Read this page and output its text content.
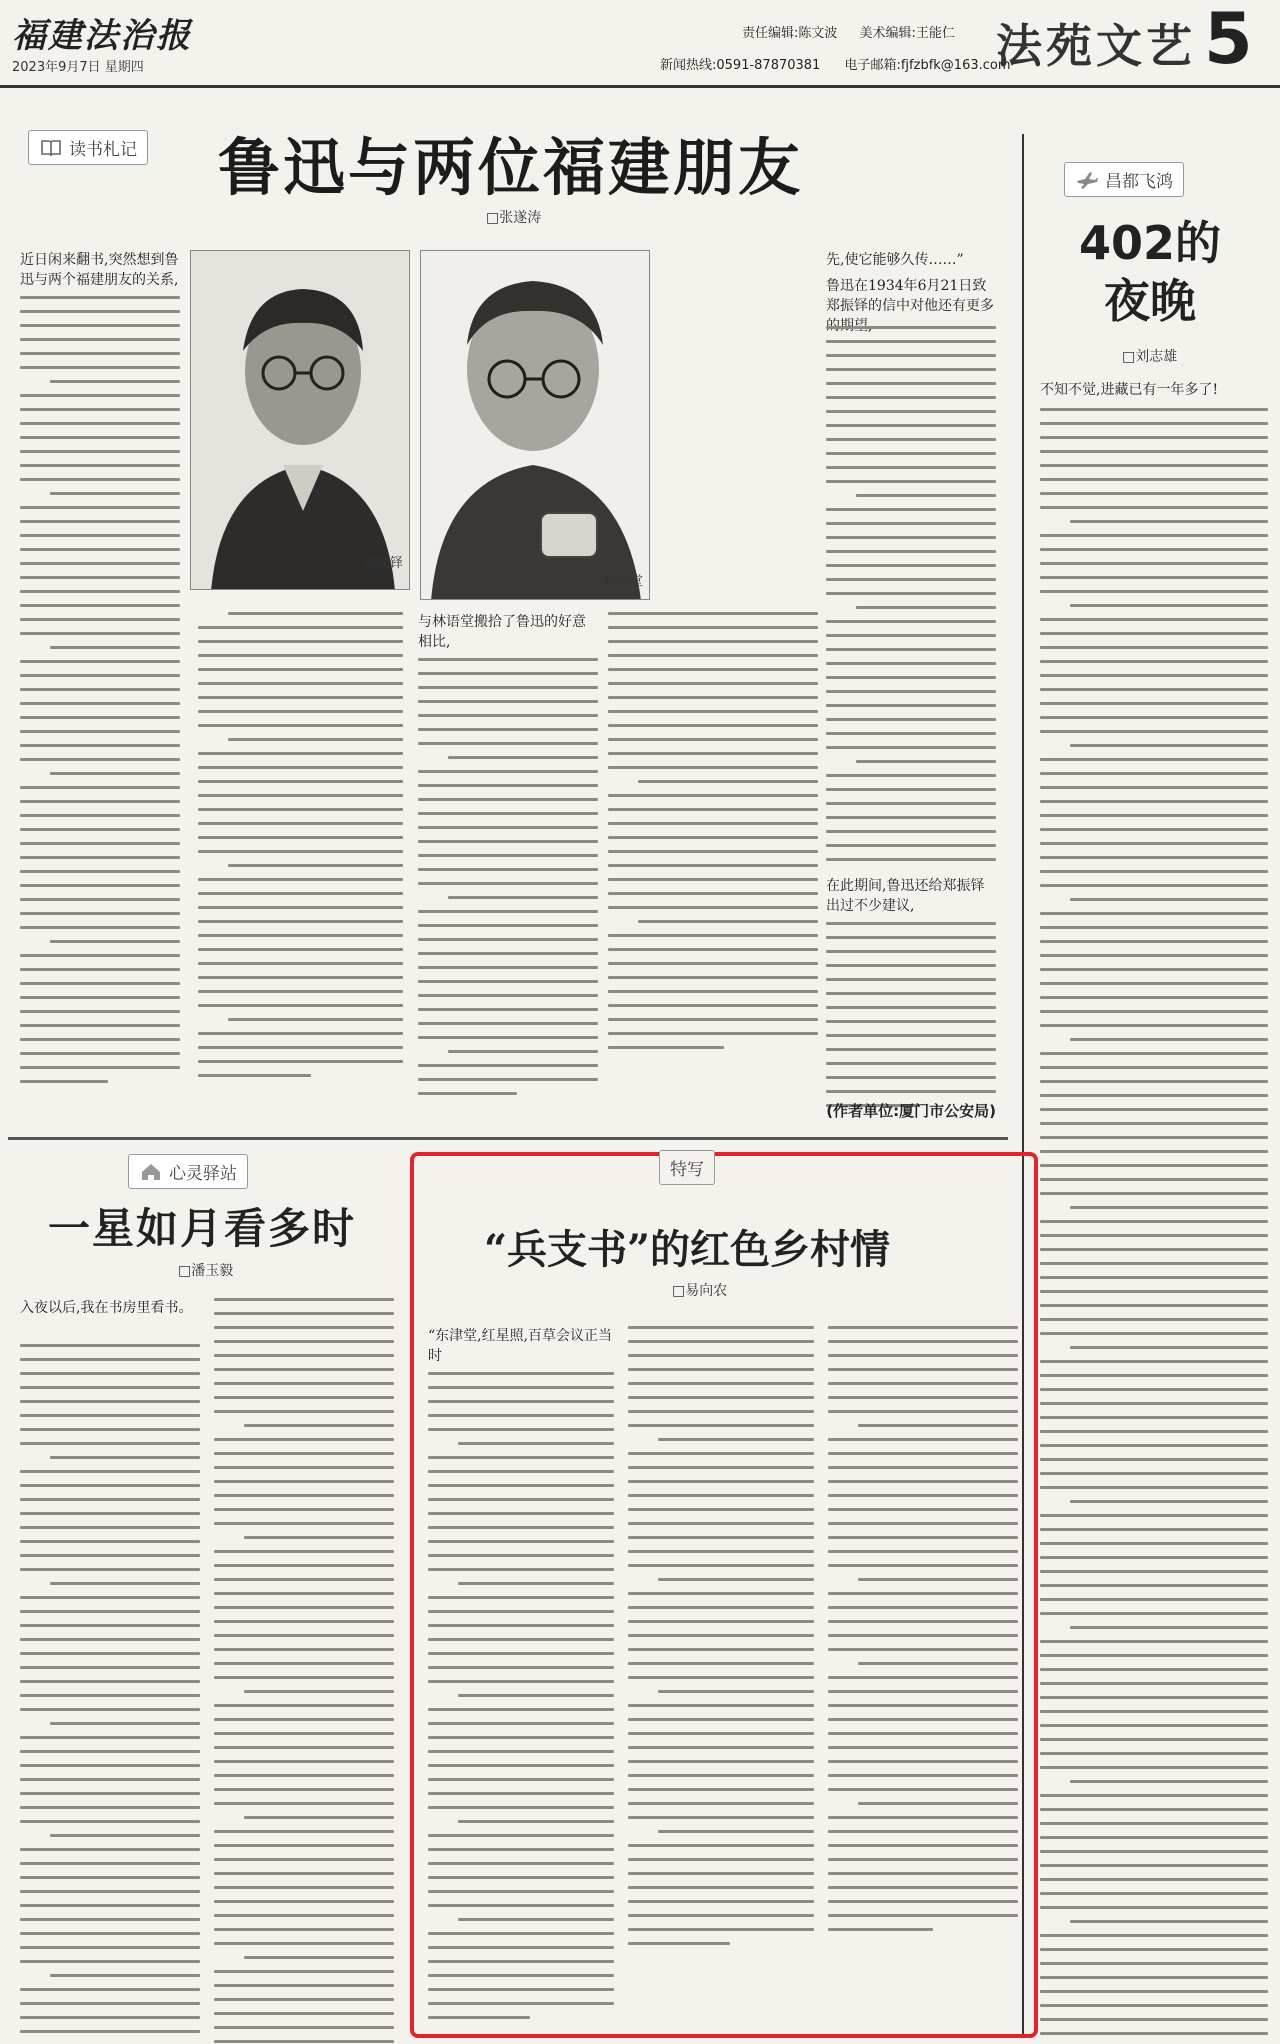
福建法治报
2023年9月7日 星期四
责任编辑:陈文波 美术编辑:王能仁
新闻热线:0591-87870381 电子邮箱:fjfzbfk@163.com
法苑文艺 5
读书札记 鲁迅与两位福建朋友
□张遂涛
近日闲来翻书,突然想到鲁迅与两个福建朋友的关系,
郑振铎
与林语堂搬拾了鲁迅的好意相比,
林语堂
先,使它能够久传……”
鲁迅在1934年6月21日致郑振铎的信中对他还有更多
在此期间,鲁迅还给郑振铎出过不少建议,
(作者单位:厦门市公安局)
昌都飞鸿
402的
夜晚
□刘志雄
不知不觉,进藏已有一年多了!
心灵驿站
一星如月看多时
□潘玉毅
入夜以后,我在书房里看书。
特写
“兵支书”的红色乡村情
□易向农
“东津堂,红星照,百草会议正当时
